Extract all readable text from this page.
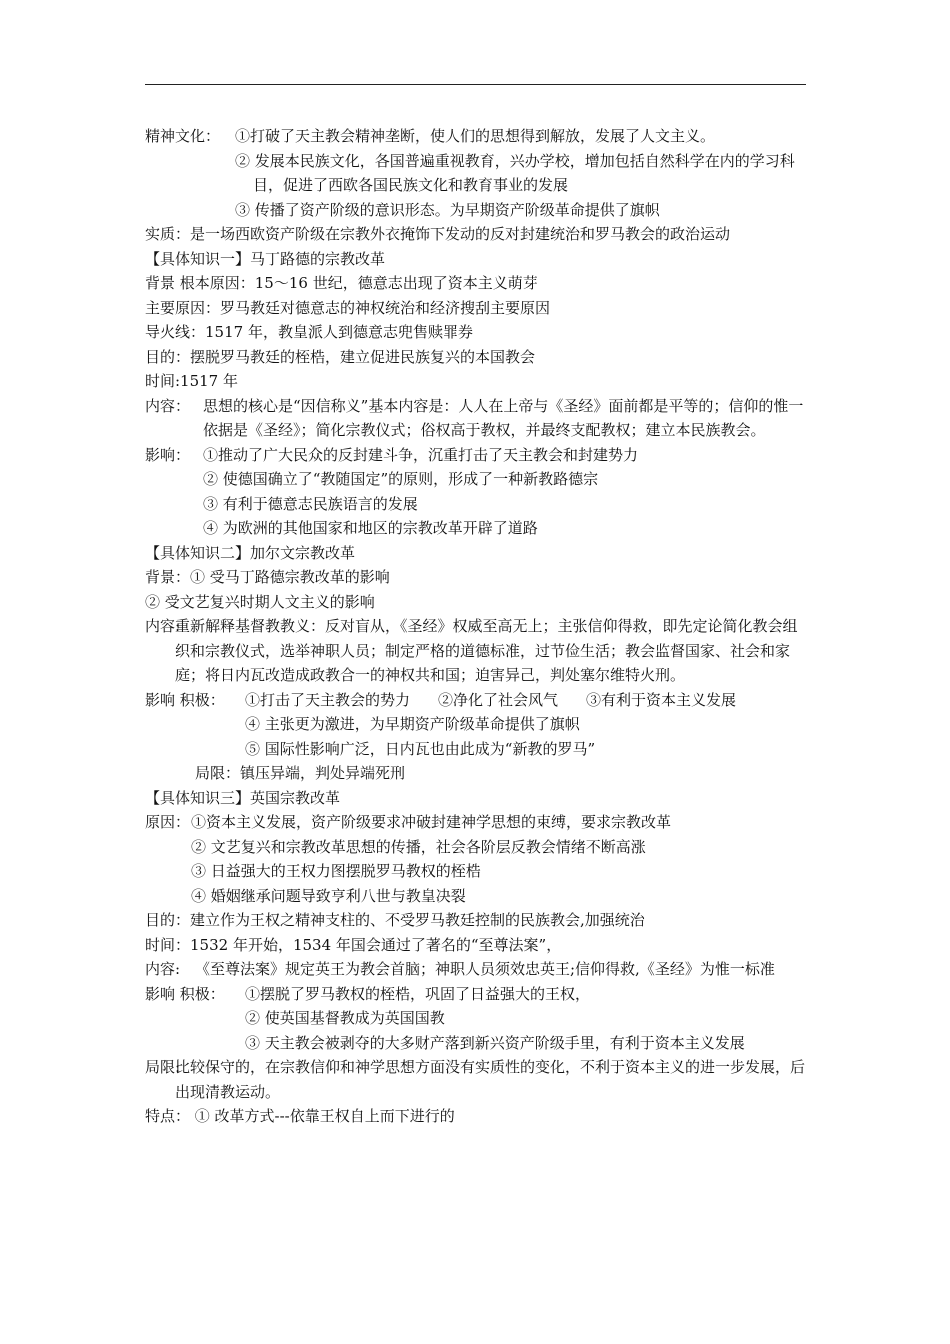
精神文化： ①打破了天主教会精神垄断，使人们的思想得到解放，发展了人文主义。
② 发展本民族文化，各国普遍重视教育，兴办学校，增加包括自然科学在内的学习科目，促进了西欧各国民族文化和教育事业的发展
③ 传播了资产阶级的意识形态。为早期资产阶级革命提供了旗帜
实质：是一场西欧资产阶级在宗教外衣掩饰下发动的反对封建统治和罗马教会的政治运动
【具体知识一】马丁路德的宗教改革
背景 根本原因：15～16 世纪，德意志出现了资本主义萌芽
主要原因：罗马教廷对德意志的神权统治和经济搜刮主要原因
导火线：1517 年，教皇派人到德意志兜售赎罪券
目的：摆脱罗马教廷的桎梏，建立促进民族复兴的本国教会
时间:1517 年
内容： 思想的核心是“因信称义”基本内容是：人人在上帝与《圣经》面前都是平等的；信仰的惟一依据是《圣经》；简化宗教仪式；俗权高于教权，并最终支配教权；建立本民族教会。
影响： ①推动了广大民众的反封建斗争，沉重打击了天主教会和封建势力
② 使德国确立了“教随国定”的原则，形成了一种新教路德宗
③ 有利于德意志民族语言的发展
④ 为欧洲的其他国家和地区的宗教改革开辟了道路
【具体知识二】加尔文宗教改革
背景：① 受马丁路德宗教改革的影响
② 受文艺复兴时期人文主义的影响
内容:
重新解释基督教教义：反对盲从，《圣经》权威至高无上；主张信仰得救，即先定论简化教会组织和宗教仪式，选举神职人员；制定严格的道德标准，过节俭生活；教会监督国家、社会和家庭；将日内瓦改造成政教合一的神权共和国；迫害异己，判处塞尔维特火刑。
影响 积极：	①打击了天主教会的势力 ②净化了社会风气 ③有利于资本主义发展
④ 主张更为激进，为早期资产阶级革命提供了旗帜
⑤ 国际性影响广泛，日内瓦也由此成为“新教的罗马”
局限：镇压异端，判处异端死刑
【具体知识三】英国宗教改革
原因： ①资本主义发展，资产阶级要求冲破封建神学思想的束缚，要求宗教改革
② 文艺复兴和宗教改革思想的传播，社会各阶层反教会情绪不断高涨
③ 日益强大的王权力图摆脱罗马教权的桎梏
④ 婚姻继承问题导致亨利八世与教皇决裂
目的：建立作为王权之精神支柱的、不受罗马教廷控制的民族教会,加强统治
时间：1532 年开始，1534 年国会通过了著名的“至尊法案”，
内容: 《至尊法案》规定英王为教会首脑；神职人员须效忠英王;信仰得救,《圣经》为惟一标准
影响 积极：	①摆脱了罗马教权的桎梏，巩固了日益强大的王权，
② 使英国基督教成为英国国教
③ 天主教会被剥夺的大多财产落到新兴资产阶级手里，有利于资本主义发展
局限:
比较保守的，在宗教信仰和神学思想方面没有实质性的变化，不利于资本主义的进一步发展，后出现清教运动。
特点： ① 改革方式---依靠王权自上而下进行的
